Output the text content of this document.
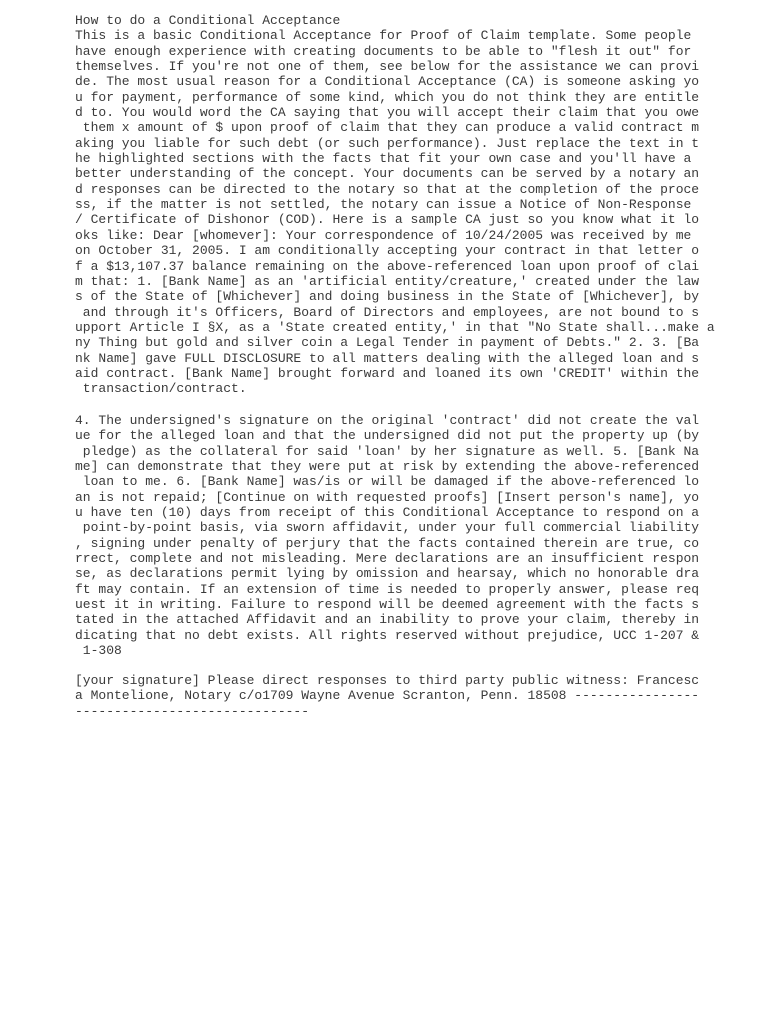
How to do a Conditional Acceptance
This is a basic Conditional Acceptance for Proof of Claim template. Some people
have enough experience with creating documents to be able to "flesh it out" for
themselves. If you're not one of them, see below for the assistance we can provi
de. The most usual reason for a Conditional Acceptance (CA) is someone asking yo
u for payment, performance of some kind, which you do not think they are entitle
d to. You would word the CA saying that you will accept their claim that you owe
them x amount of $ upon proof of claim that they can produce a valid contract m
aking you liable for such debt (or such performance). Just replace the text in t
he highlighted sections with the facts that fit your own case and you'll have a
better understanding of the concept. Your documents can be served by a notary an
d responses can be directed to the notary so that at the completion of the proce
ss, if the matter is not settled, the notary can issue a Notice of Non-Response
/ Certificate of Dishonor (COD). Here is a sample CA just so you know what it lo
oks like: Dear [whomever]: Your correspondence of 10/24/2005 was received by me
on October 31, 2005. I am conditionally accepting your contract in that letter o
f a $13,107.37 balance remaining on the above-referenced loan upon proof of clai
m that: 1. [Bank Name] as an 'artificial entity/creature,' created under the law
s of the State of [Whichever] and doing business in the State of [Whichever], by
and through it's Officers, Board of Directors and employees, are not bound to s
upport Article I §X, as a 'State created entity,' in that "No State shall...make a
ny Thing but gold and silver coin a Legal Tender in payment of Debts." 2. 3. [Ba
nk Name] gave FULL DISCLOSURE to all matters dealing with the alleged loan and s
aid contract. [Bank Name] brought forward and loaned its own 'CREDIT' within the
transaction/contract.
4. The undersigned's signature on the original 'contract' did not create the val
ue for the alleged loan and that the undersigned did not put the property up (by
pledge) as the collateral for said 'loan' by her signature as well. 5. [Bank Na
me] can demonstrate that they were put at risk by extending the above-referenced
loan to me. 6. [Bank Name] was/is or will be damaged if the above-referenced lo
an is not repaid; [Continue on with requested proofs] [Insert person's name], yo
u have ten (10) days from receipt of this Conditional Acceptance to respond on a
point-by-point basis, via sworn affidavit, under your full commercial liability
, signing under penalty of perjury that the facts contained therein are true, co
rrect, complete and not misleading. Mere declarations are an insufficient respon
se, as declarations permit lying by omission and hearsay, which no honorable dra
ft may contain. If an extension of time is needed to properly answer, please req
uest it in writing. Failure to respond will be deemed agreement with the facts s
tated in the attached Affidavit and an inability to prove your claim, thereby in
dicating that no debt exists. All rights reserved without prejudice, UCC 1-207 &
1-308
[your signature] Please direct responses to third party public witness: Francesc
a Montelione, Notary c/o1709 Wayne Avenue Scranton, Penn. 18508 ----------------
------------------------------
